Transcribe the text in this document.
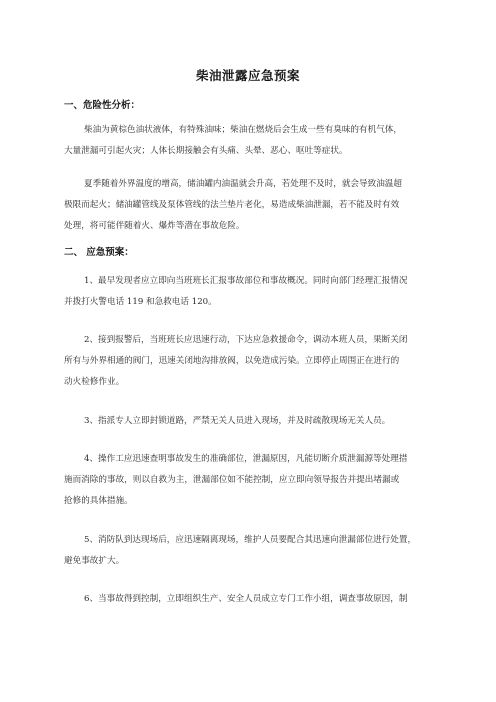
柴油泄露应急预案
一、危险性分析：
柴油为黄棕色油状液体，有特殊油味；柴油在燃烧后会生成一些有臭味的有机气体，
大量泄漏可引起火灾；人体长期接触会有头痛、头晕、恶心、呕吐等症状。
夏季随着外界温度的增高，储油罐内油温就会升高，若处理不及时，就会导致油温超
极限而起火；储油罐管线及泵体管线的法兰垫片老化，易造成柴油泄漏，若不能及时有效
处理，将可能伴随着火、爆炸等潜在事故危险。
二、 应急预案：
1、最早发现者应立即向当班班长汇报事故部位和事故概况。同时向部门经理汇报情况
并拨打火警电话 119 和急救电话 120。
2、接到报警后，当班班长应迅速行动，下达应急救援命令，调动本班人员，果断关闭
所有与外界相通的阀门，迅速关闭地沟排放阀，以免造成污染。立即停止周围正在进行的
动火检修作业。
3、指派专人立即封锁道路，严禁无关人员进入现场，并及时疏散现场无关人员。
4、操作工应迅速查明事故发生的准确部位，泄漏原因，凡能切断介质泄漏源等处理措
施而消除的事故，则以自救为主，泄漏部位如不能控制，应立即向领导报告并提出堵漏或
抢修的具体措施。
5、消防队到达现场后，应迅速隔离现场，维护人员要配合其迅速向泄漏部位进行处置，
避免事故扩大。
6、当事故得到控制，立即组织生产、安全人员成立专门工作小组，调查事故原因，制
